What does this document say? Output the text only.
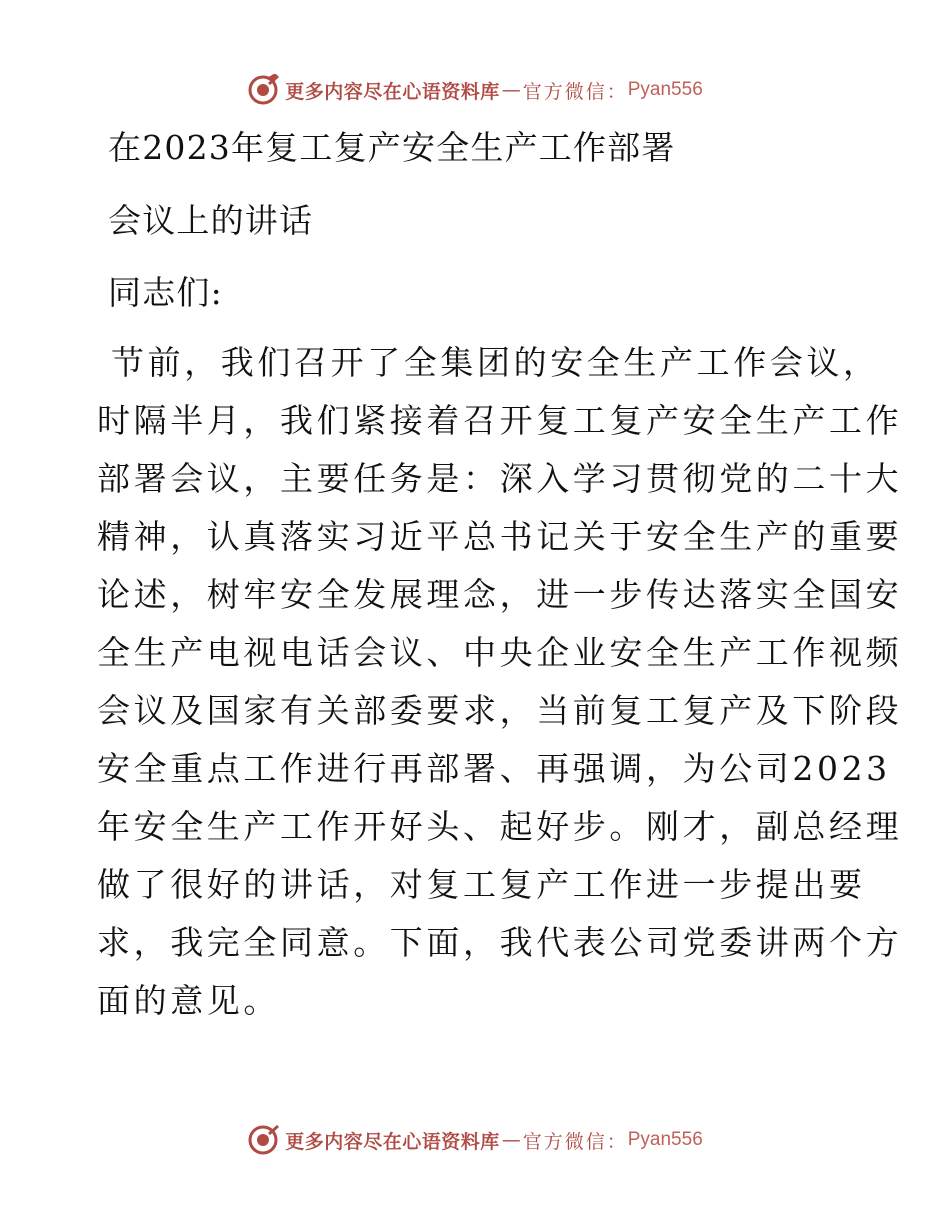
更多内容尽在心语资料库 — 官方微信： Pyan556
在2023年复工复产安全生产工作部署
会议上的讲话
同志们:
节前，我们召开了全集团的安全生产工作会议，
时隔半月，我们紧接着召开复工复产安全生产工作
部署会议，主要任务是：深入学习贯彻党的二十大
精神，认真落实习近平总书记关于安全生产的重要
论述，树牢安全发展理念，进一步传达落实全国安
全生产电视电话会议、中央企业安全生产工作视频
会议及国家有关部委要求，当前复工复产及下阶段
安全重点工作进行再部署、再强调，为公司2023
年安全生产工作开好头、起好步。刚才，副总经理
做了很好的讲话，对复工复产工作进一步提出要
求，我完全同意。下面，我代表公司党委讲两个方
面的意见。
更多内容尽在心语资料库 — 官方微信： Pyan556
